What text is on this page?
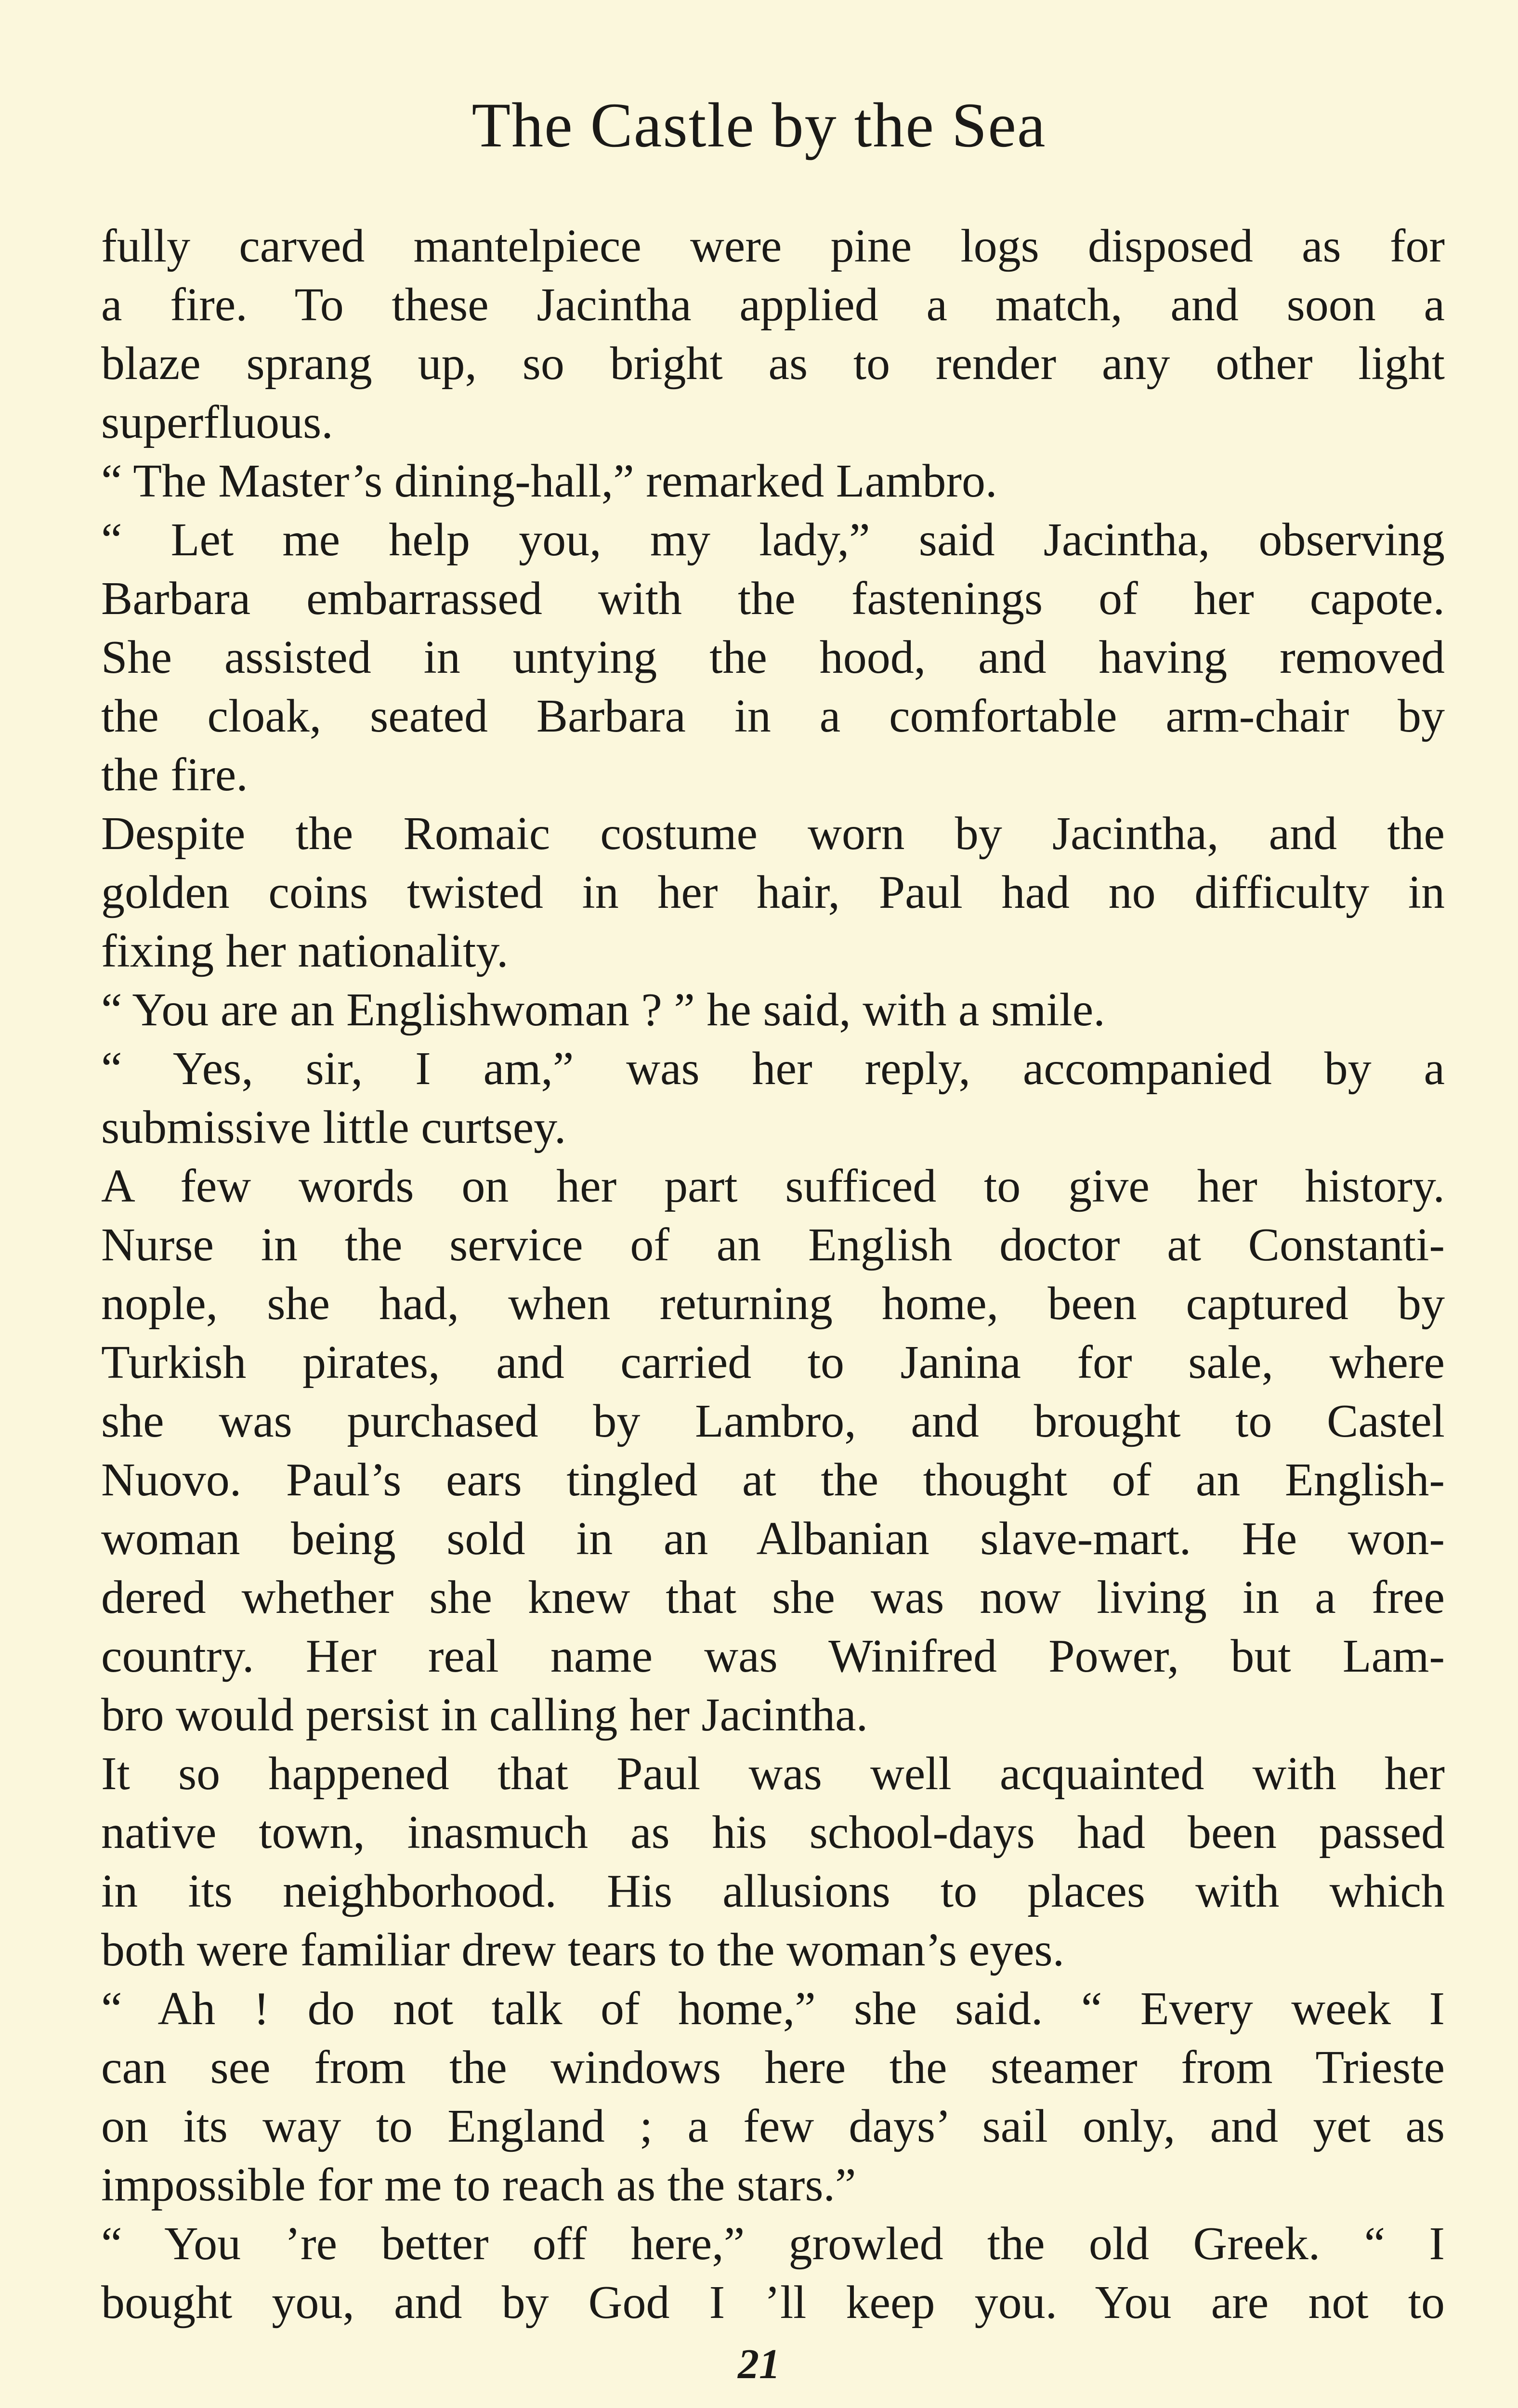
The Castle by the Sea
fully carved mantelpiece were pine logs disposed as for
a fire. To these Jacintha applied a match, and soon a
blaze sprang up, so bright as to render any other light
superfluous.
“ The Master’s dining-hall,” remarked Lambro.
“ Let me help you, my lady,” said Jacintha, observing
Barbara embarrassed with the fastenings of her capote.
She assisted in untying the hood, and having removed
the cloak, seated Barbara in a comfortable arm-chair by
the fire.
Despite the Romaic costume worn by Jacintha, and the
golden coins twisted in her hair, Paul had no difficulty in
fixing her nationality.
“ You are an Englishwoman ? ” he said, with a smile.
“ Yes, sir, I am,” was her reply, accompanied by a
submissive little curtsey.
A few words on her part sufficed to give her history.
Nurse in the service of an English doctor at Constanti-
nople, she had, when returning home, been captured by
Turkish pirates, and carried to Janina for sale, where
she was purchased by Lambro, and brought to Castel
Nuovo. Paul’s ears tingled at the thought of an English-
woman being sold in an Albanian slave-mart. He won-
dered whether she knew that she was now living in a free
country. Her real name was Winifred Power, but Lam-
bro would persist in calling her Jacintha.
It so happened that Paul was well acquainted with her
native town, inasmuch as his school-days had been passed
in its neighborhood. His allusions to places with which
both were familiar drew tears to the woman’s eyes.
“ Ah ! do not talk of home,” she said. “ Every week I
can see from the windows here the steamer from Trieste
on its way to England ; a few days’ sail only, and yet as
impossible for me to reach as the stars.”
“ You ’re better off here,” growled the old Greek. “ I
bought you, and by God I ’ll keep you. You are not to
21
